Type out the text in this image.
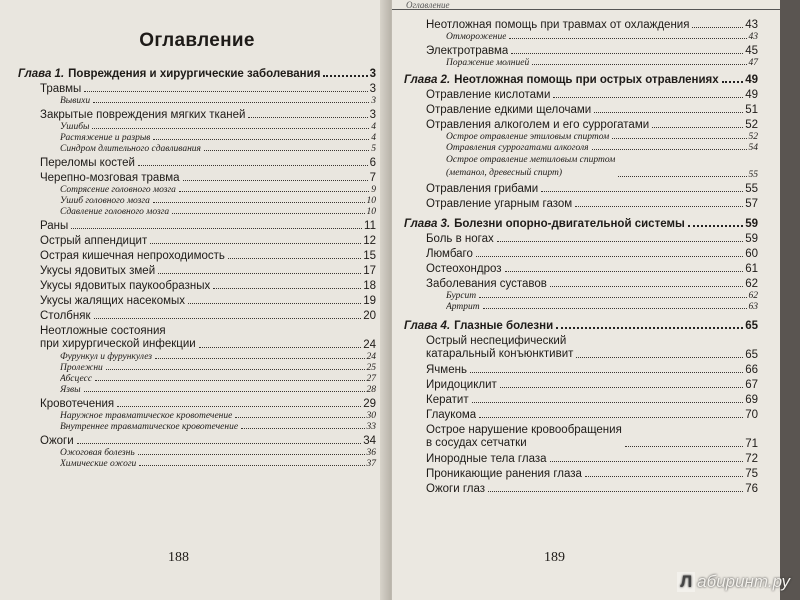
Оглавление
Глава 1. Повреждения и хирургические заболевания	3
Травмы	3
Вывихи	3
Закрытые повреждения мягких тканей	3
Ушибы	4
Растяжение и разрыв	4
Синдром длительного сдавливания	5
Переломы костей	6
Черепно-мозговая травма	7
Сотрясение головного мозга	9
Ушиб головного мозга	10
Сдавление головного мозга	10
Раны	11
Острый аппендицит	12
Острая кишечная непроходимость	15
Укусы ядовитых змей	17
Укусы ядовитых паукообразных	18
Укусы жалящих насекомых	19
Столбняк	20
Неотложные состояния
при хирургической инфекции	24
Фурункул и фурункулез	24
Пролежни	25
Абсцесс	27
Язвы	28
Кровотечения	29
Наружное травматическое кровотечение	30
Внутреннее травматическое кровотечение	33
Ожоги	34
Ожоговая болезнь	36
Химические ожоги	37
188
Оглавление
Неотложная помощь при травмах от охлаждения	43
Отморожение	43
Электротравма	45
Поражение молнией	47
Глава 2. Неотложная помощь при острых отравлениях 49
Отравление кислотами	49
Отравление едкими щелочами	51
Отравления алкоголем и его суррогатами	52
Острое отравление этиловым спиртом	52
Отравления суррогатами алкоголя	54
Острое отравление метиловым спиртом
(метанол, древесный спирт)	55
Отравления грибами	55
Отравление угарным газом	57
Глава 3. Болезни опорно-двигательной системы	59
Боль в ногах	59
Люмбаго	60
Остеохондроз	61
Заболевания суставов	62
Бурсит	62
Артрит	63
Глава 4. Глазные болезни	65
Острый неспецифический
катаральный конъюнктивит	65
Ячмень	66
Иридоциклит	67
Кератит	69
Глаукома	70
Острое нарушение кровообращения
в сосудах сетчатки	71
Инородные тела глаза	72
Проникающие ранения глаза	75
Ожоги глаз	76
189
Л абиринт.ру
